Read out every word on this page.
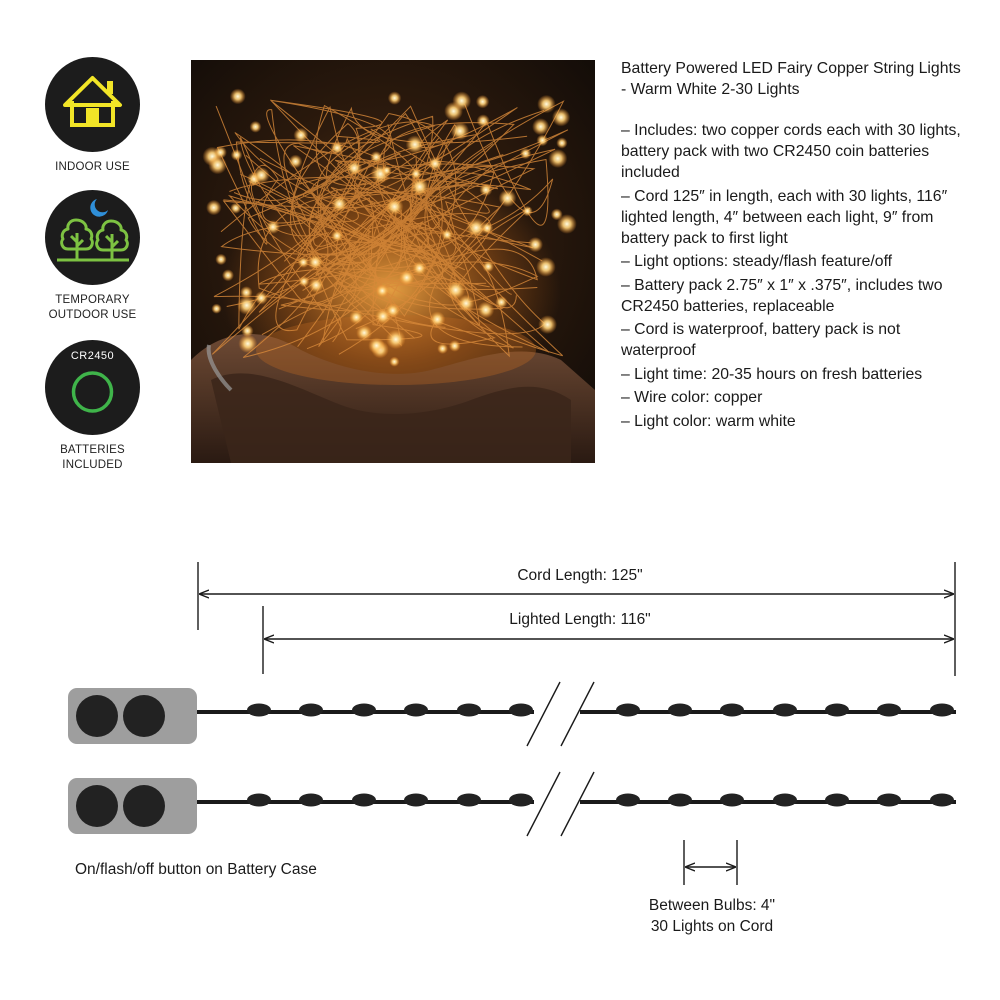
INDOOR USE
TEMPORARY
OUTDOOR USE
CR2450
BATTERIES
INCLUDED
Battery Powered LED Fairy Copper String Lights - Warm White 2-30 Lights
– Includes: two copper cords each with 30 lights, battery pack with two CR2450 coin batteries included
– Cord 125″ in length, each with 30 lights, 116″ lighted length, 4″ between each light, 9″ from battery pack to first light
– Light options: steady/flash feature/off
– Battery pack 2.75″ x 1″ x .375″, includes two CR2450 batteries, replaceable
– Cord is waterproof, battery pack is not waterproof
– Light time: 20-35 hours on fresh batteries
– Wire color: copper
– Light color: warm white
Cord Length: 125"
Lighted Length: 116"
On/flash/off button on Battery Case
Between Bulbs: 4"
30 Lights on Cord
